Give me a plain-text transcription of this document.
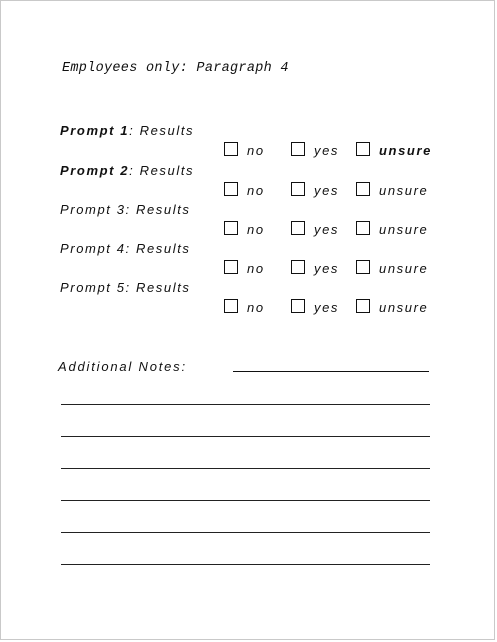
Employees only: Paragraph 4
Prompt 1: Results
no	yes	unsure
Prompt 2: Results
no	yes	unsure
Prompt 3: Results
no	yes	unsure
Prompt 4: Results
no	yes	unsure
Prompt 5: Results
no	yes	unsure
Additional Notes:
